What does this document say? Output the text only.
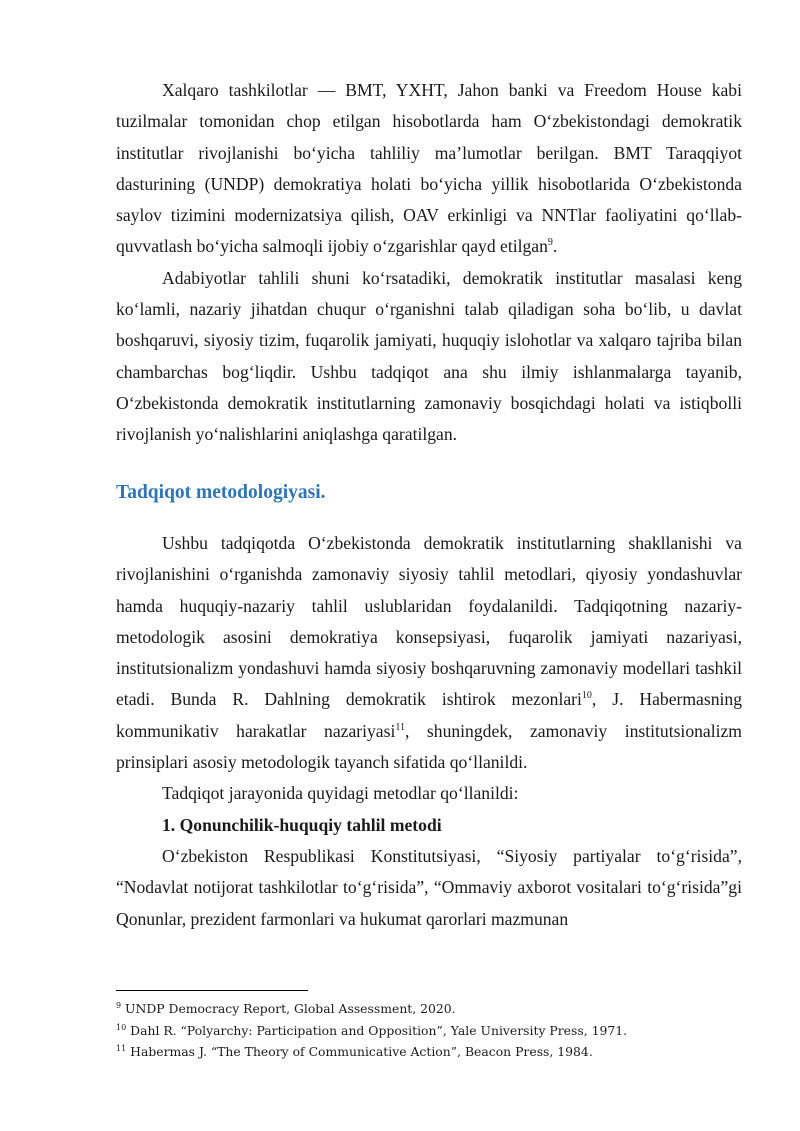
Xalqaro tashkilotlar — BMT, YXHT, Jahon banki va Freedom House kabi tuzilmalar tomonidan chop etilgan hisobotlarda ham O‘zbekistondagi demokratik institutlar rivojlanishi bo‘yicha tahliliy ma’lumotlar berilgan. BMT Taraqqiyot dasturining (UNDP) demokratiya holati bo‘yicha yillik hisobotlarida O‘zbekistonda saylov tizimini modernizatsiya qilish, OAV erkinligi va NNTlar faoliyatini qo‘llab-quvvatlash bo‘yicha salmoqli ijobiy o‘zgarishlar qayd etilgan$^9$.

Adabiyotlar tahlili shuni ko‘rsatadiki, demokratik institutlar masalasi keng ko‘lamli, nazariy jihatdan chuqur o‘rganishni talab qiladigan soha bo‘lib, u davlat boshqaruvi, siyosiy tizim, fuqarolik jamiyati, huquqiy islohotlar va xalqaro tajriba bilan chambarchas bog‘liqdir. Ushbu tadqiqot ana shu ilmiy ishlanmalarga tayanib, O‘zbekistonda demokratik institutlarning zamonaviy bosqichdagi holati va istiqbolli rivojlanish yo‘nalishlarini aniqlashga qaratilgan.

Tadqiqot metodologiyasi.

Ushbu tadqiqotda O‘zbekistonda demokratik institutlarning shakllanishi va rivojlanishini o‘rganishda zamonaviy siyosiy tahlil metodlari, qiyosiy yondashuvlar hamda huquqiy-nazariy tahlil uslublaridan foydalanildi. Tadqiqotning nazariy-metodologik asosini demokratiya konsepsiyasi, fuqarolik jamiyati nazariyasi, institutsionalizm yondashuvi hamda siyosiy boshqaruvning zamonaviy modellari tashkil etadi. Bunda R. Dahlning demokratik ishtirok mezonlari$^{10}$, J. Habermasning kommunikativ harakatlar nazariyasi$^{11}$, shuningdek, zamonaviy institutsionalizm prinsiplari asosiy metodologik tayanch sifatida qo‘llanildi.

Tadqiqot jarayonida quyidagi metodlar qo‘llanildi:

1. Qonunchilik-huquqiy tahlil metodi

O‘zbekiston Respublikasi Konstitutsiyasi, “Siyosiy partiyalar to‘g‘risida”, “Nodavlat notijorat tashkilotlar to‘g‘risida”, “Ommaviy axborot vositalari to‘g‘risida”gi Qonunlar, prezident farmonlari va hukumat qarorlari mazmunan

$^9$ UNDP Democracy Report, Global Assessment, 2020.

$^{10}$ Dahl R. “Polyarchy: Participation and Opposition”, Yale University Press, 1971.

$^{11}$ Habermas J. “The Theory of Communicative Action”, Beacon Press, 1984.
